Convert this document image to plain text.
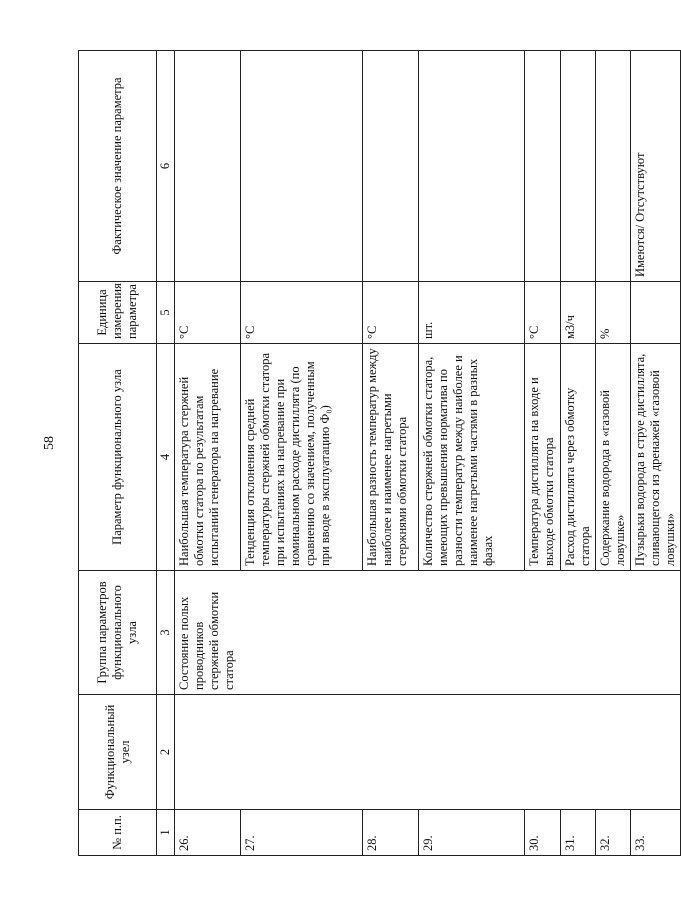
58
№ п.п.	Функциональный узел	Группа параметров функционального узла	Параметр функционального узла	Единица измерения параметра	Фактическое значение параметра
1	2	3	4	5	6
26.		Состояние полых проводников стержней обмотки статора	Наибольшая температура стержней обмотки статора по результатам испытаний генератора на нагревание	°С	
27.			Тенденция отклонения средней температуры стержней обмотки статора при испытаниях на нагревание при номинальном расходе дистиллята (по сравнению со значением, полученным при вводе в эксплуатацию Ф₀)	°С	
28.			Наибольшая разность температур между наиболее и наименее нагретыми стержнями обмотки статора	°С	
29.			Количество стержней обмотки статора, имеющих превышения норматива по разности температур между наиболее и наименее нагретыми частями в разных фазах	шт.	
30.			Температура дистиллята на входе и выходе обмотки статора	°С	
31.			Расход дистиллята через обмотку статора	м3/ч	
32.			Содержание водорода в «газовой ловушке»	%	
33.			Пузырьки водорода в струе дистиллята, сливающегося из дренажей «газовой ловушки»		Имеются/ Отсутствуют
